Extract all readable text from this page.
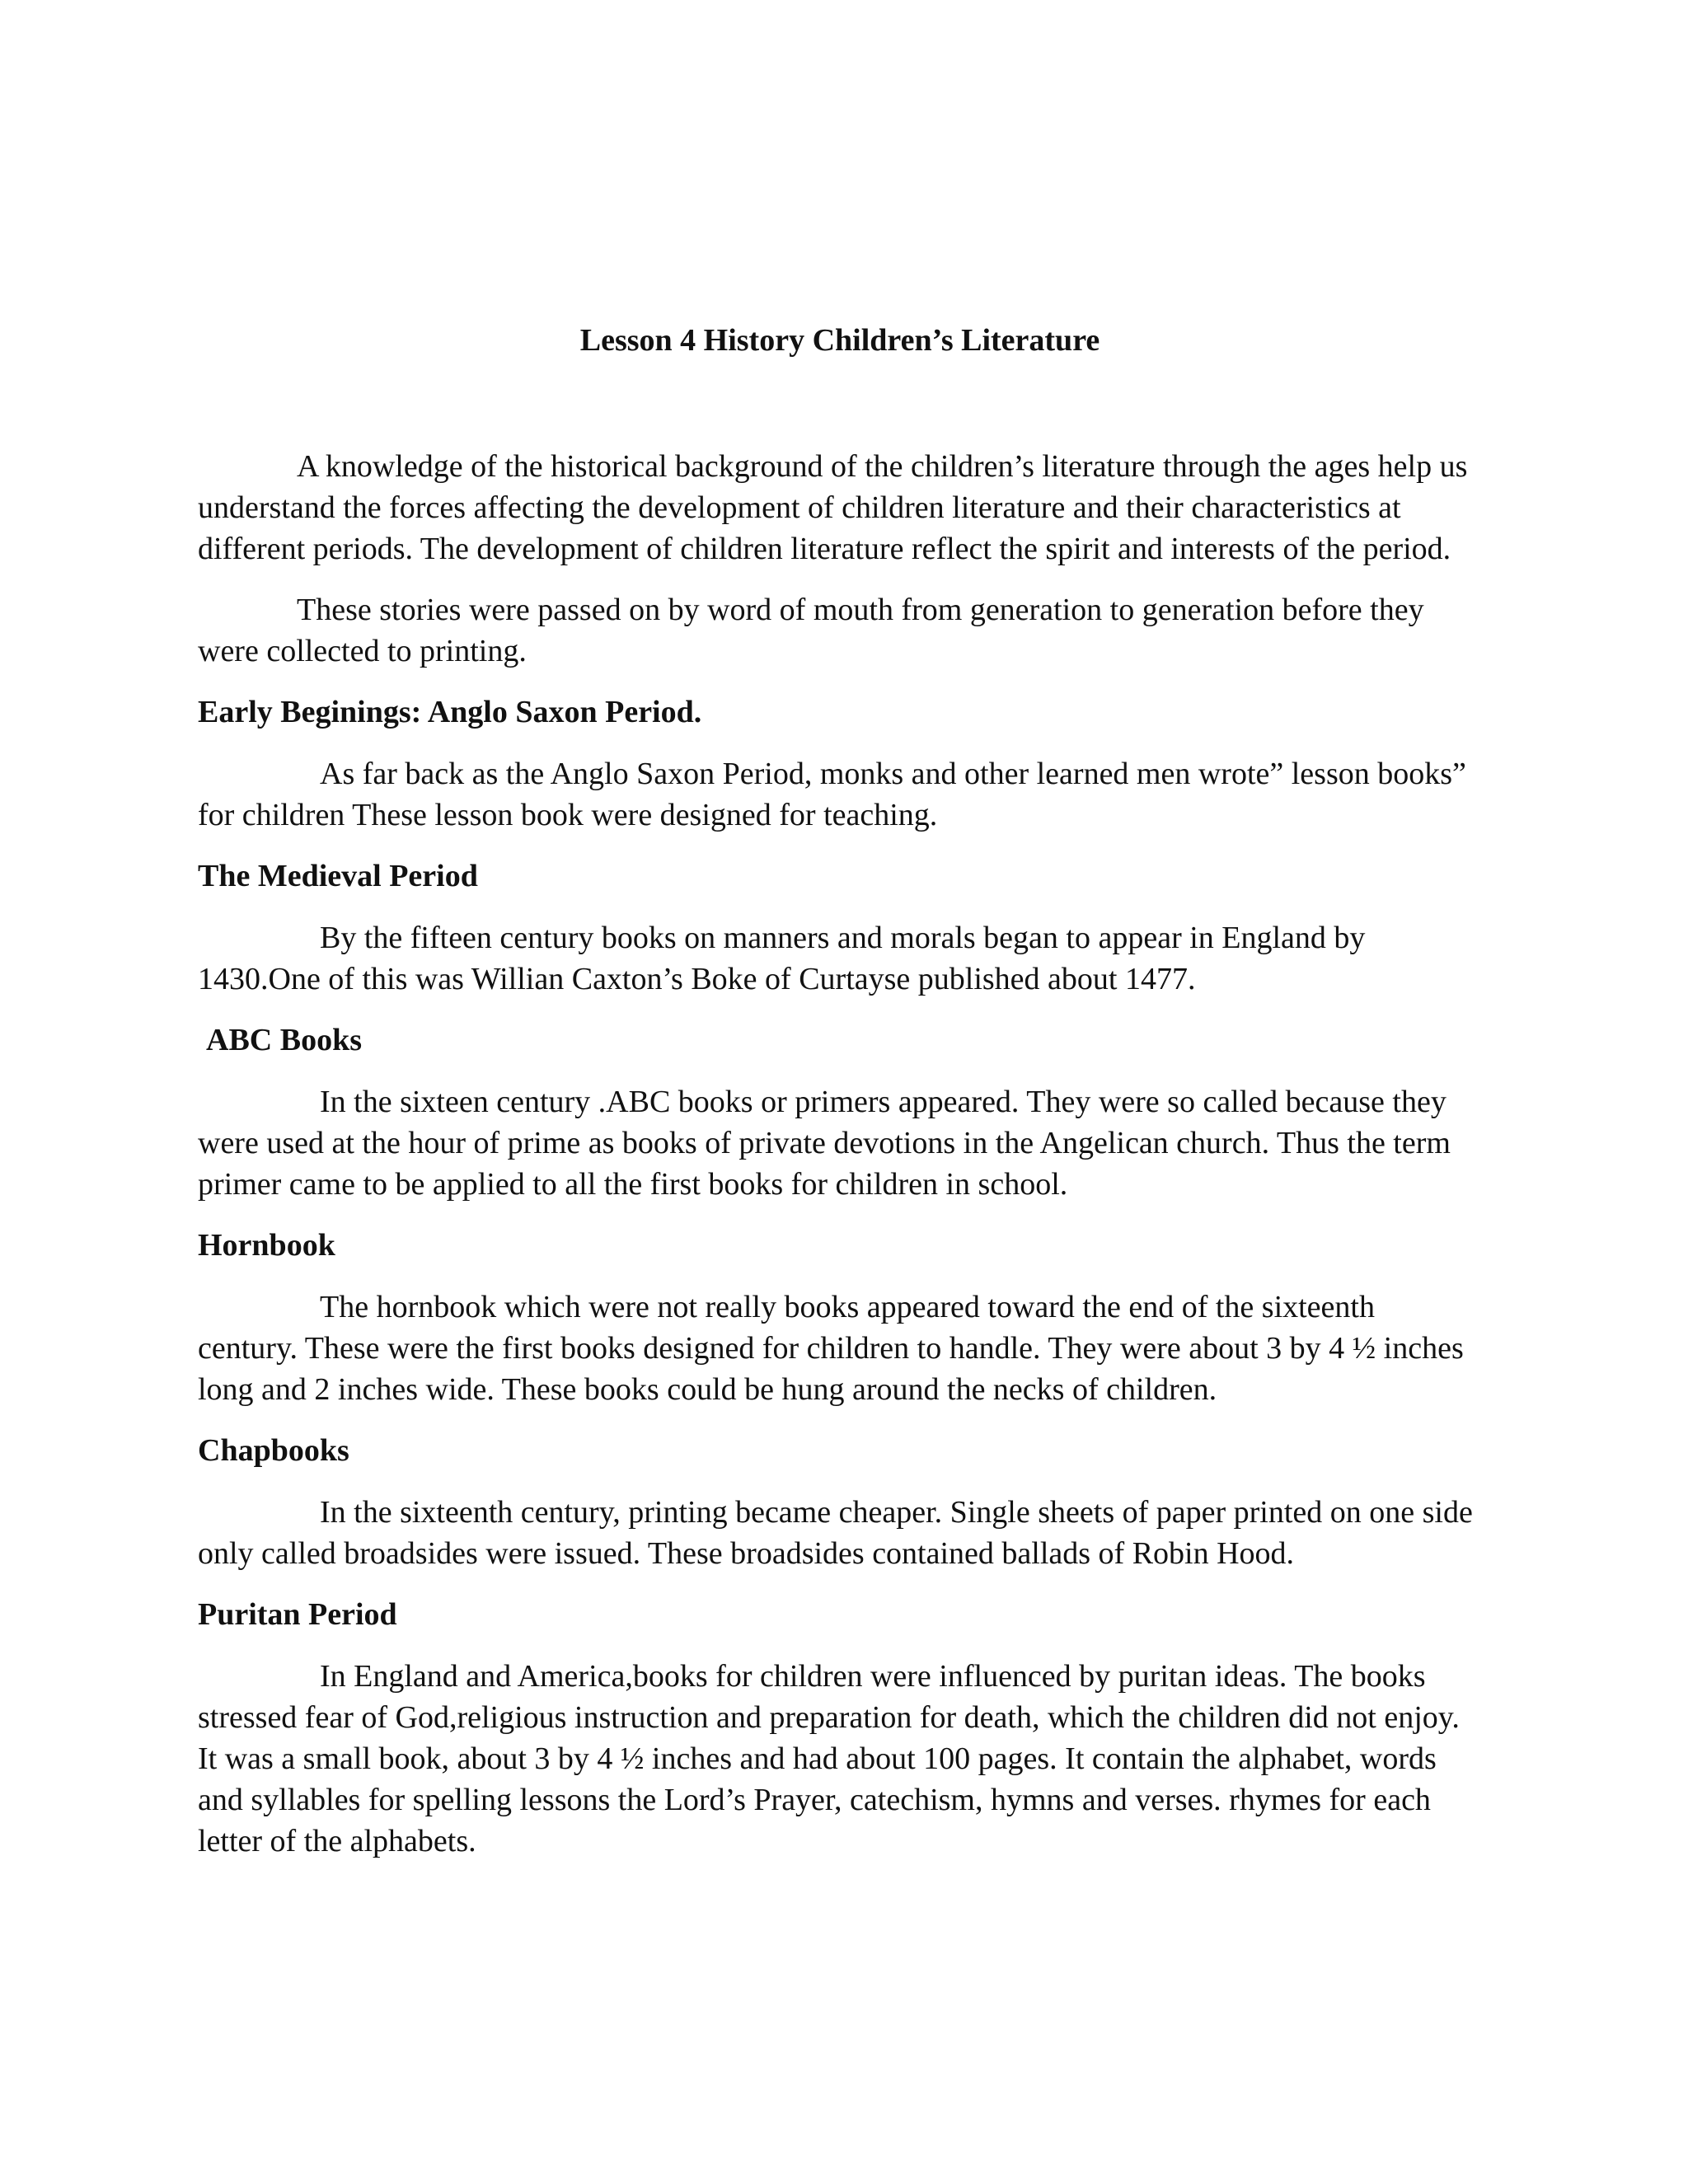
Lesson 4 History Children’s Literature

A knowledge of the historical background of the children’s literature through the ages help us understand the forces affecting the development of children literature and their characteristics at different periods. The development of children literature reflect the spirit and interests of the period.

These stories were passed on by word of mouth from generation to generation before they were collected to printing.

Early Beginings: Anglo Saxon Period.

As far back as the Anglo Saxon Period, monks and other learned men wrote” lesson books” for children These lesson book were designed for teaching.

The Medieval Period

By the fifteen century books on manners and morals began to appear in England by 1430.One of this was Willian Caxton’s Boke of Curtayse published about 1477.

ABC Books

In the sixteen century .ABC books or primers appeared. They were so called because they were used at the hour of prime as books of private devotions in the Angelican church. Thus the term primer came to be applied to all the first books for children in school.

Hornbook

The hornbook which were not really books appeared toward the end of the sixteenth century. These were the first books designed for children to handle. They were about 3 by 4 ½ inches long and 2 inches wide. These books could be hung around the necks of children.

Chapbooks

In the sixteenth century, printing became cheaper. Single sheets of paper printed on one side only called broadsides were issued. These broadsides contained ballads of Robin Hood.

Puritan Period

In England and America,books for children were influenced by puritan ideas. The books stressed fear of God,religious instruction and preparation for death, which the children did not enjoy. It was a small book, about 3 by 4 ½ inches and had about 100 pages. It contain the alphabet, words and syllables for spelling lessons the Lord’s Prayer, catechism, hymns and verses. rhymes for each letter of the alphabets.
